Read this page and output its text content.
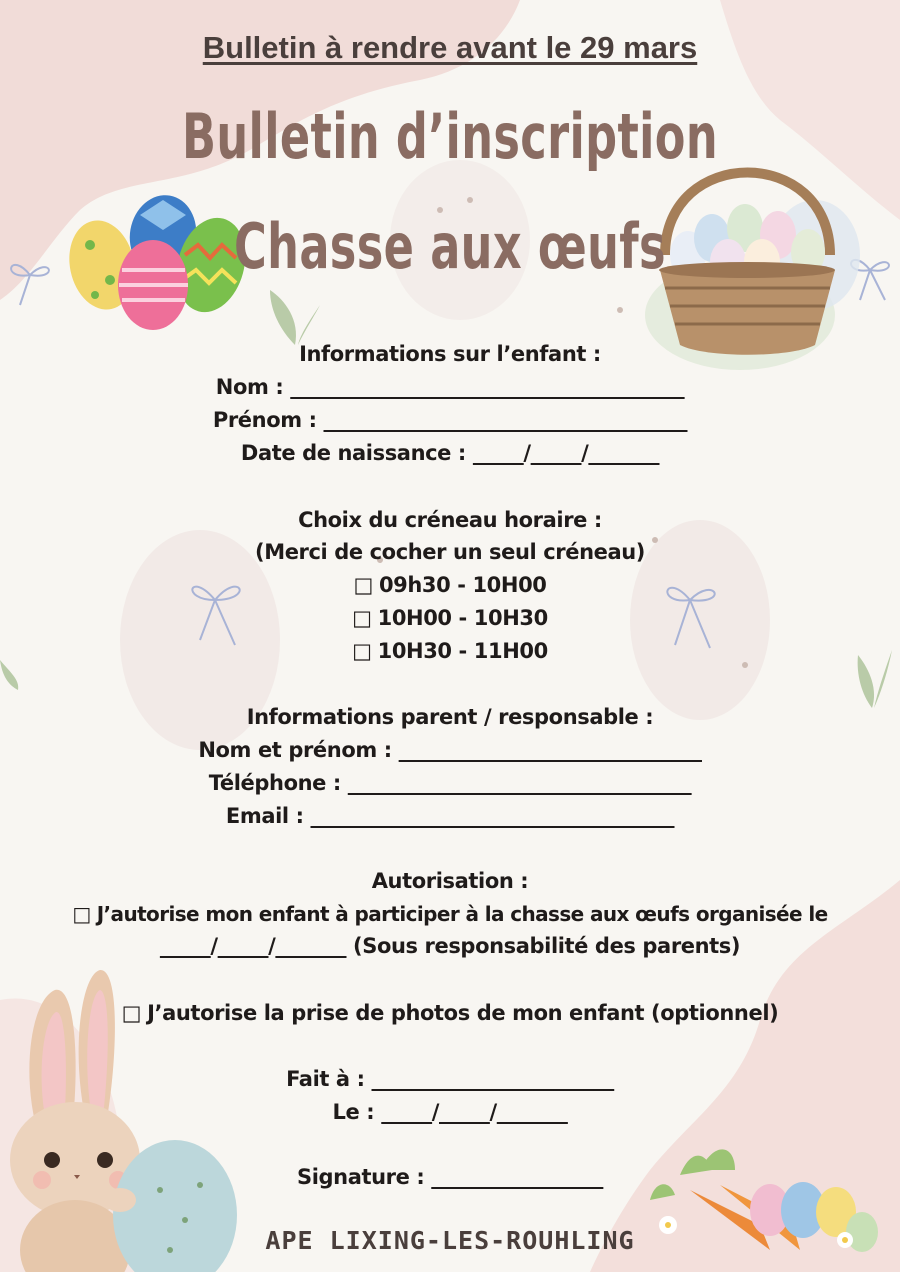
Bulletin à rendre avant le 29 mars
Bulletin d’inscription
Chasse aux œufs
Informations sur l’enfant :
Nom : _______________________________________
Prénom : ____________________________________
Date de naissance : _____/_____/_______
Choix du créneau horaire :
(Merci de cocher un seul créneau)
□ 09h30 - 10H00
□ 10H00 - 10H30
□ 10H30 - 11H00
Informations parent / responsable :
Nom et prénom : ______________________________
Téléphone : __________________________________
Email : ____________________________________
Autorisation :
□ J’autorise mon enfant à participer à la chasse aux œufs organisée le
_____/_____/_______ (Sous responsabilité des parents)
□ J’autorise la prise de photos de mon enfant (optionnel)
Fait à : ________________________
Le : _____/_____/_______
Signature : _________________
APE LIXING-LES-ROUHLING
